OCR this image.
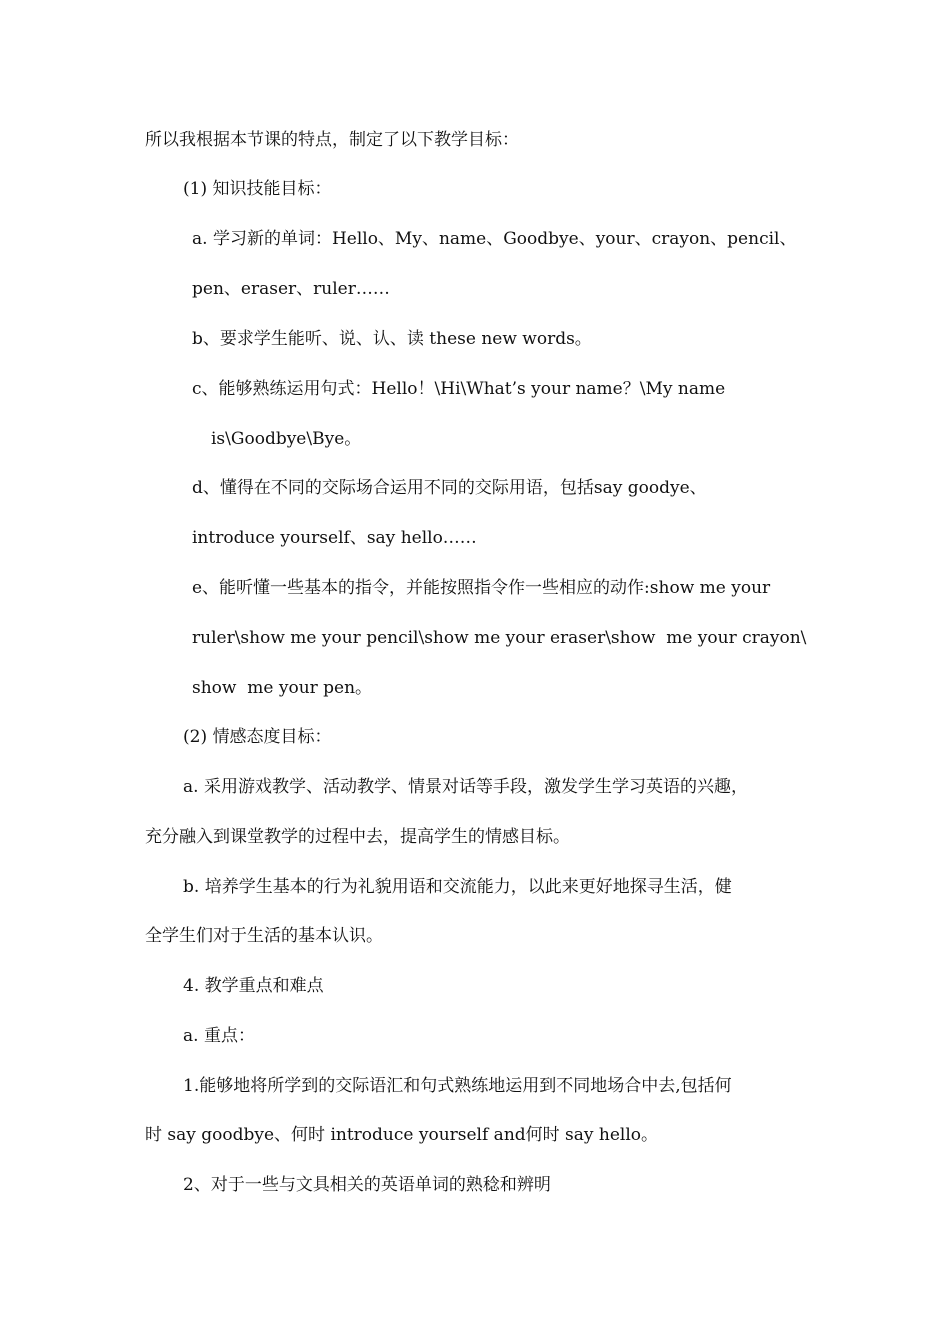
所以我根据本节课的特点，制定了以下教学目标：
(1) 知识技能目标：
a. 学习新的单词：Hello、My、name、Goodbye、your、crayon、pencil、
pen、eraser、ruler……
b、要求学生能听、说、认、读 these new words。
c、能够熟练运用句式：Hello！\Hi\What’s your name？\My name
is\Goodbye\Bye。
d、懂得在不同的交际场合运用不同的交际用语，包括say goodye、
introduce yourself、say hello……
e、能听懂一些基本的指令，并能按照指令作一些相应的动作:show me your
ruler\show me your pencil\show me your eraser\show  me your crayon\
show  me your pen。
(2) 情感态度目标：
a. 采用游戏教学、活动教学、情景对话等手段，激发学生学习英语的兴趣，
充分融入到课堂教学的过程中去，提高学生的情感目标。
b. 培养学生基本的行为礼貌用语和交流能力，以此来更好地探寻生活，健
全学生们对于生活的基本认识。
4. 教学重点和难点
a. 重点：
1.能够地将所学到的交际语汇和句式熟练地运用到不同地场合中去,包括何
时 say goodbye、何时 introduce yourself and何时 say hello。
2、对于一些与文具相关的英语单词的熟稔和辨明
